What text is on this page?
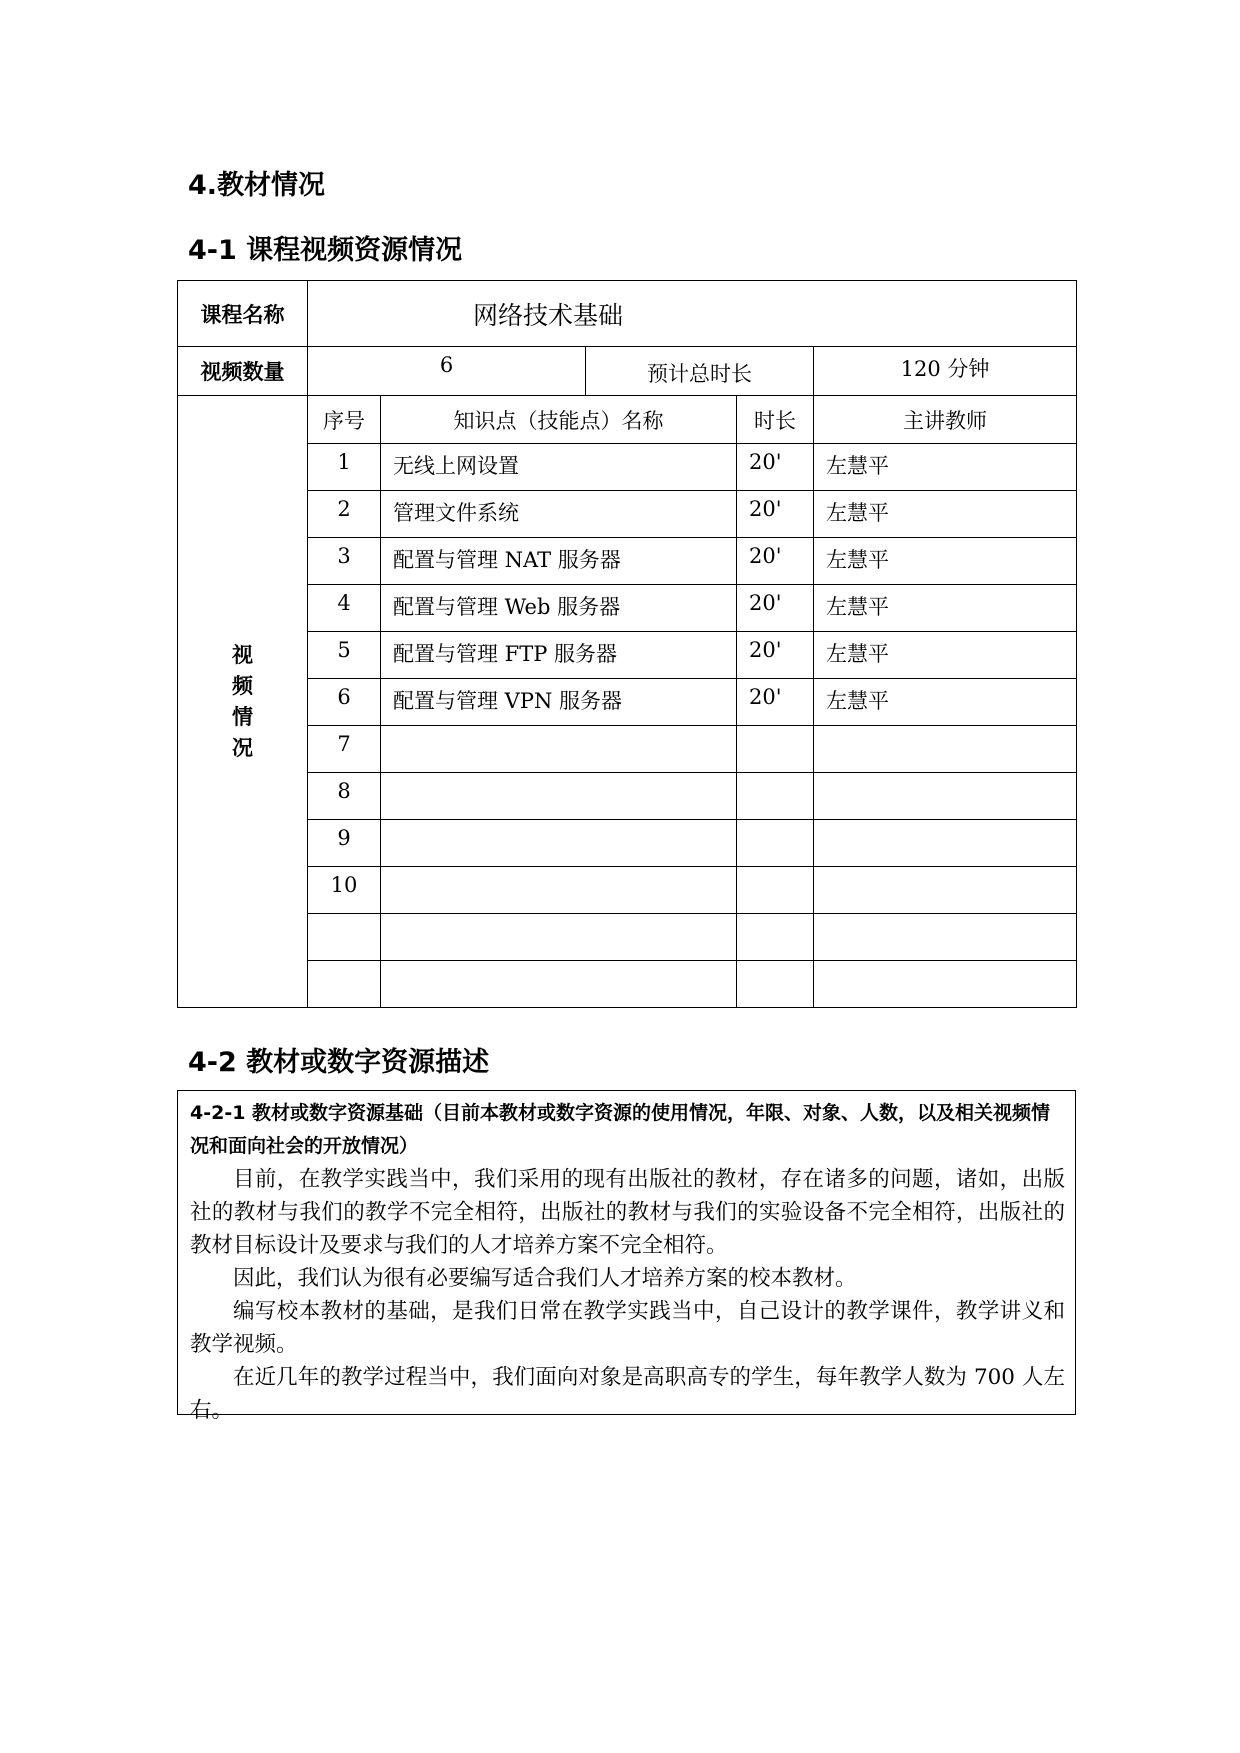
4.教材情况
4-1 课程视频资源情况
课程名称	网络技术基础				
视频数量	6		预计总时长		120 分钟

视
频
情
况	序号	知识点（技能点）名称		时长	主讲教师
	1	无线上网设置		20'	左慧平
	2	管理文件系统		20'	左慧平
	3	配置与管理 NAT 服务器		20'	左慧平
	4	配置与管理 Web 服务器		20'	左慧平
	5	配置与管理 FTP 服务器		20'	左慧平
	6	配置与管理 VPN 服务器		20'	左慧平
	7				
	8				
	9				
	10				

4-2 教材或数字资源描述
4-2-1 教材或数字资源基础（目前本教材或数字资源的使用情况，年限、对象、人数，以及相关视频情况和面向社会的开放情况）

目前，在教学实践当中，我们采用的现有出版社的教材，存在诸多的问题，诸如，出版社的教材与我们的教学不完全相符，出版社的教材与我们的实验设备不完全相符，出版社的教材目标设计及要求与我们的人才培养方案不完全相符。

因此，我们认为很有必要编写适合我们人才培养方案的校本教材。

编写校本教材的基础，是我们日常在教学实践当中，自己设计的教学课件，教学讲义和教学视频。

在近几年的教学过程当中，我们面向对象是高职高专的学生，每年教学人数为 700 人左右。
